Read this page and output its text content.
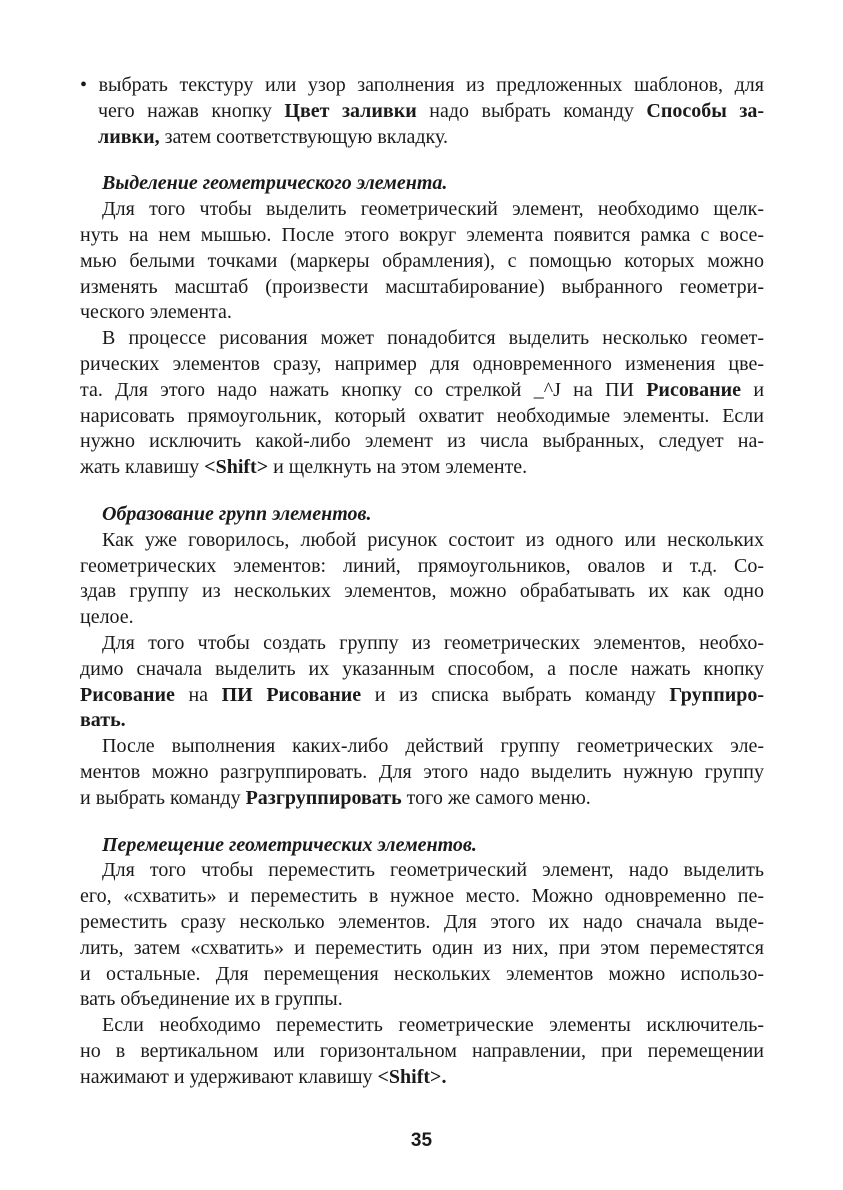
• выбрать текстуру или узор заполнения из предложенных шаблонов, для
чего нажав кнопку Цвет заливки надо выбрать команду Способы за-
ливки, затем соответствующую вкладку.
Выделение геометрического элемента.
Для того чтобы выделить геометрический элемент, необходимо щелк-
нуть на нем мышью. После этого вокруг элемента появится рамка с восе-
мью белыми точками (маркеры обрамления), с помощью которых можно
изменять масштаб (произвести масштабирование) выбранного геометри-
ческого элемента.
В процессе рисования может понадобится выделить несколько геомет-
рических элементов сразу, например для одновременного изменения цве-
та. Для этого надо нажать кнопку со стрелкой _^J на ПИ Рисование и
нарисовать прямоугольник, который охватит необходимые элементы. Если
нужно исключить какой-либо элемент из числа выбранных, следует на-
жать клавишу <Shift> и щелкнуть на этом элементе.
Образование групп элементов.
Как уже говорилось, любой рисунок состоит из одного или нескольких
геометрических элементов: линий, прямоугольников, овалов и т.д. Со-
здав группу из нескольких элементов, можно обрабатывать их как одно
целое.
Для того чтобы создать группу из геометрических элементов, необхо-
димо сначала выделить их указанным способом, а после нажать кнопку
Рисование на ПИ Рисование и из списка выбрать команду Группиро-
вать.
После выполнения каких-либо действий группу геометрических эле-
ментов можно разгруппировать. Для этого надо выделить нужную группу
и выбрать команду Разгруппировать того же самого меню.
Перемещение геометрических элементов.
Для того чтобы переместить геометрический элемент, надо выделить
его, «схватить» и переместить в нужное место. Можно одновременно пе-
реместить сразу несколько элементов. Для этого их надо сначала выде-
лить, затем «схватить» и переместить один из них, при этом переместятся
и остальные. Для перемещения нескольких элементов можно использо-
вать объединение их в группы.
Если необходимо переместить геометрические элементы исключитель-
но в вертикальном или горизонтальном направлении, при перемещении
нажимают и удерживают клавишу <Shift>.
35
